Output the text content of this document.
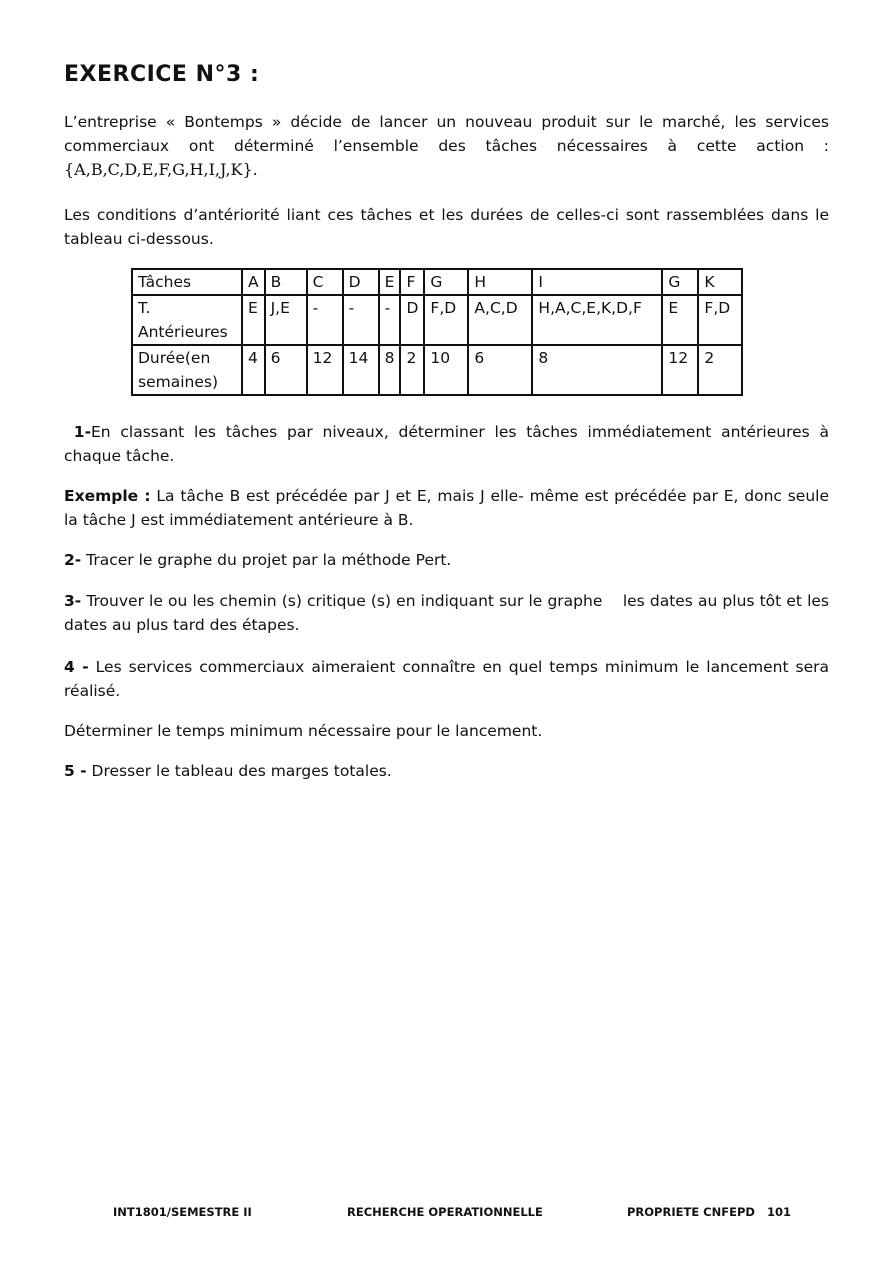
EXERCICE N°3 :

L’entreprise « Bontemps » décide de lancer un nouveau produit sur le marché, les services commerciaux ont déterminé l’ensemble des tâches nécessaires à cette action : {A,B,C,D,E,F,G,H,I,J,K}.

Les conditions d’antériorité liant ces tâches et les durées de celles-ci sont rassemblées dans le tableau ci-dessous.

Tâches	A	B	C	D	E	F	G	H	I	G	K
T. Antérieures	E	J,E	-	-	-	D	F,D	A,C,D	H,A,C,E,K,D,F	E	F,D
Durée(en semaines)	4	6	12	14	8	2	10	6	8	12	2

1-En classant les tâches par niveaux, déterminer les tâches immédiatement antérieures à chaque tâche.

Exemple : La tâche B est précédée par J et E, mais J elle- même est précédée par E, donc seule la tâche J est immédiatement antérieure à B.

2- Tracer le graphe du projet par la méthode Pert.

3- Trouver le ou les chemin (s) critique (s) en indiquant sur le graphe    les dates au plus tôt et les dates au plus tard des étapes.

4 - Les services commerciaux aimeraient connaître en quel temps minimum le lancement sera réalisé.

Déterminer le temps minimum nécessaire pour le lancement.

5 - Dresser le tableau des marges totales.

INT1801/SEMESTRE II	RECHERCHE OPERATIONNELLE	PROPRIETE CNFEPD 101
